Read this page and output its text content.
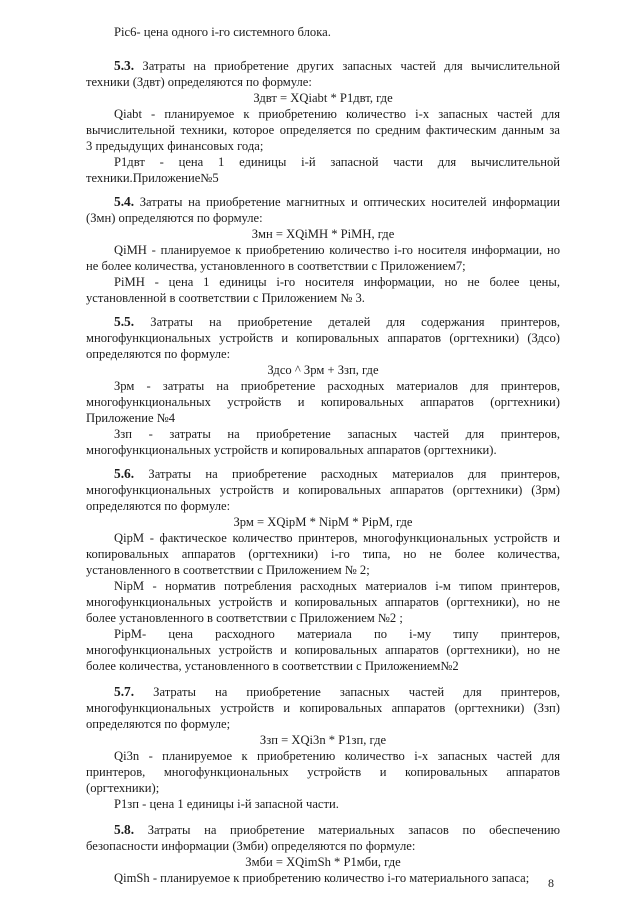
Pic6- цена одного i-го системного блока.
5.3. Затраты на приобретение других запасных частей для вычислительной
техники (Здвт) определяются по формуле:
Здвт = XQiabt * Р1двт, где
Qiabt - планируемое к приобретению количество i-х запасных частей для
вычислительной техники, которое определяется по средним фактическим данным за
3 предыдущих финансовых года;
Р1двт - цена 1 единицы i-й запасной части для вычислительной
техники.Приложение№5
5.4. Затраты на приобретение магнитных и оптических носителей информации
(Змн) определяются по формуле:
Змн = XQiMH * PiMH, где
QiMH - планируемое к приобретению количество i-го носителя информации, но
не более количества, установленного в соответствии с Приложением7;
PiMH - цена 1 единицы i-го носителя информации, но не более цены,
установленной в соответствии с Приложением № 3.
5.5. Затраты на приобретение деталей для содержания принтеров,
многофункциональных устройств и копировальных аппаратов (оргтехники) (Здсо)
определяются по формуле:
Здсо ^ Зрм + Ззп, где
Зрм - затраты на приобретение расходных материалов для принтеров,
многофункциональных устройств и копировальных аппаратов (оргтехники)
Приложение №4
Ззп - затраты на приобретение запасных частей для принтеров,
многофункциональных устройств и копировальных аппаратов (оргтехники).
5.6. Затраты на приобретение расходных материалов для принтеров,
многофункциональных устройств и копировальных аппаратов (оргтехники) (Зрм)
определяются по формуле:
Зрм = XQipM * NipM * PipM, где
QipM - фактическое количество принтеров, многофункциональных устройств и
копировальных аппаратов (оргтехники) i-го типа, но не более количества,
установленного в соответствии с Приложением № 2;
NipM - норматив потребления расходных материалов i-м типом принтеров,
многофункциональных устройств и копировальных аппаратов (оргтехники), но не
более установленного в соответствии с Приложением №2 ;
PipM- цена расходного материала по i-му типу принтеров,
многофункциональных устройств и копировальных аппаратов (оргтехники), но не
более количества, установленного в соответствии с Приложением№2
5.7. Затраты на приобретение запасных частей для принтеров,
многофункциональных устройств и копировальных аппаратов (оргтехники) (Ззп)
определяются по формуле;
Ззп = XQi3n * Р1зп, где
Qi3n - планируемое к приобретению количество i-х запасных частей для
принтеров, многофункциональных устройств и копировальных аппаратов
(оргтехники);
Р1зп - цена 1 единицы i-й запасной части.
5.8. Затраты на приобретение материальных запасов по обеспечению
безопасности информации (Змби) определяются по формуле:
Змби = XQimSh * Р1мби, где
QimSh - планируемое к приобретению количество i-го материального запаса; 8
